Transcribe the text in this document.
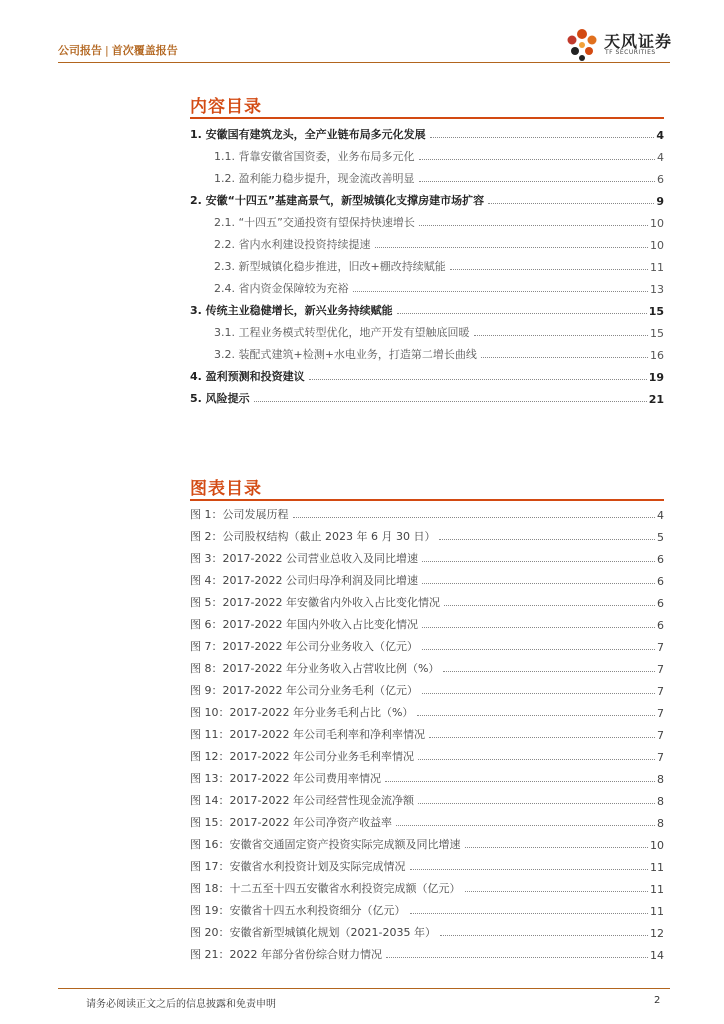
公司报告 | 首次覆盖报告	天风证券
TF SECURITIES
内容目录
1. 安徽国有建筑龙头，全产业链布局多元化发展	4
1.1. 背靠安徽省国资委，业务布局多元化	4
1.2. 盈利能力稳步提升，现金流改善明显	6
2. 安徽“十四五”基建高景气，新型城镇化支撑房建市场扩容	9
2.1. “十四五”交通投资有望保持快速增长	10
2.2. 省内水利建设投资持续提速	10
2.3. 新型城镇化稳步推进，旧改+棚改持续赋能	11
2.4. 省内资金保障较为充裕	13
3. 传统主业稳健增长，新兴业务持续赋能	15
3.1. 工程业务模式转型优化，地产开发有望触底回暖	15
3.2. 装配式建筑+检测+水电业务，打造第二增长曲线	16
4. 盈利预测和投资建议	19
5. 风险提示	21
图表目录
图 1：公司发展历程	4
图 2：公司股权结构（截止 2023 年 6 月 30 日）	5
图 3：2017-2022 公司营业总收入及同比增速	6
图 4：2017-2022 公司归母净利润及同比增速	6
图 5：2017-2022 年安徽省内外收入占比变化情况	6
图 6：2017-2022 年国内外收入占比变化情况	6
图 7：2017-2022 年公司分业务收入（亿元）	7
图 8：2017-2022 年分业务收入占营收比例（%）	7
图 9：2017-2022 年公司分业务毛利（亿元）	7
图 10：2017-2022 年分业务毛利占比（%）	7
图 11：2017-2022 年公司毛利率和净利率情况	7
图 12：2017-2022 年公司分业务毛利率情况	7
图 13：2017-2022 年公司费用率情况	8
图 14：2017-2022 年公司经营性现金流净额	8
图 15：2017-2022 年公司净资产收益率	8
图 16：安徽省交通固定资产投资实际完成额及同比增速	10
图 17：安徽省水利投资计划及实际完成情况	11
图 18：十二五至十四五安徽省水利投资完成额（亿元）	11
图 19：安徽省十四五水利投资细分（亿元）	11
图 20：安徽省新型城镇化规划（2021-2035 年）	12
图 21：2022 年部分省份综合财力情况	14
请务必阅读正文之后的信息披露和免责申明	2
